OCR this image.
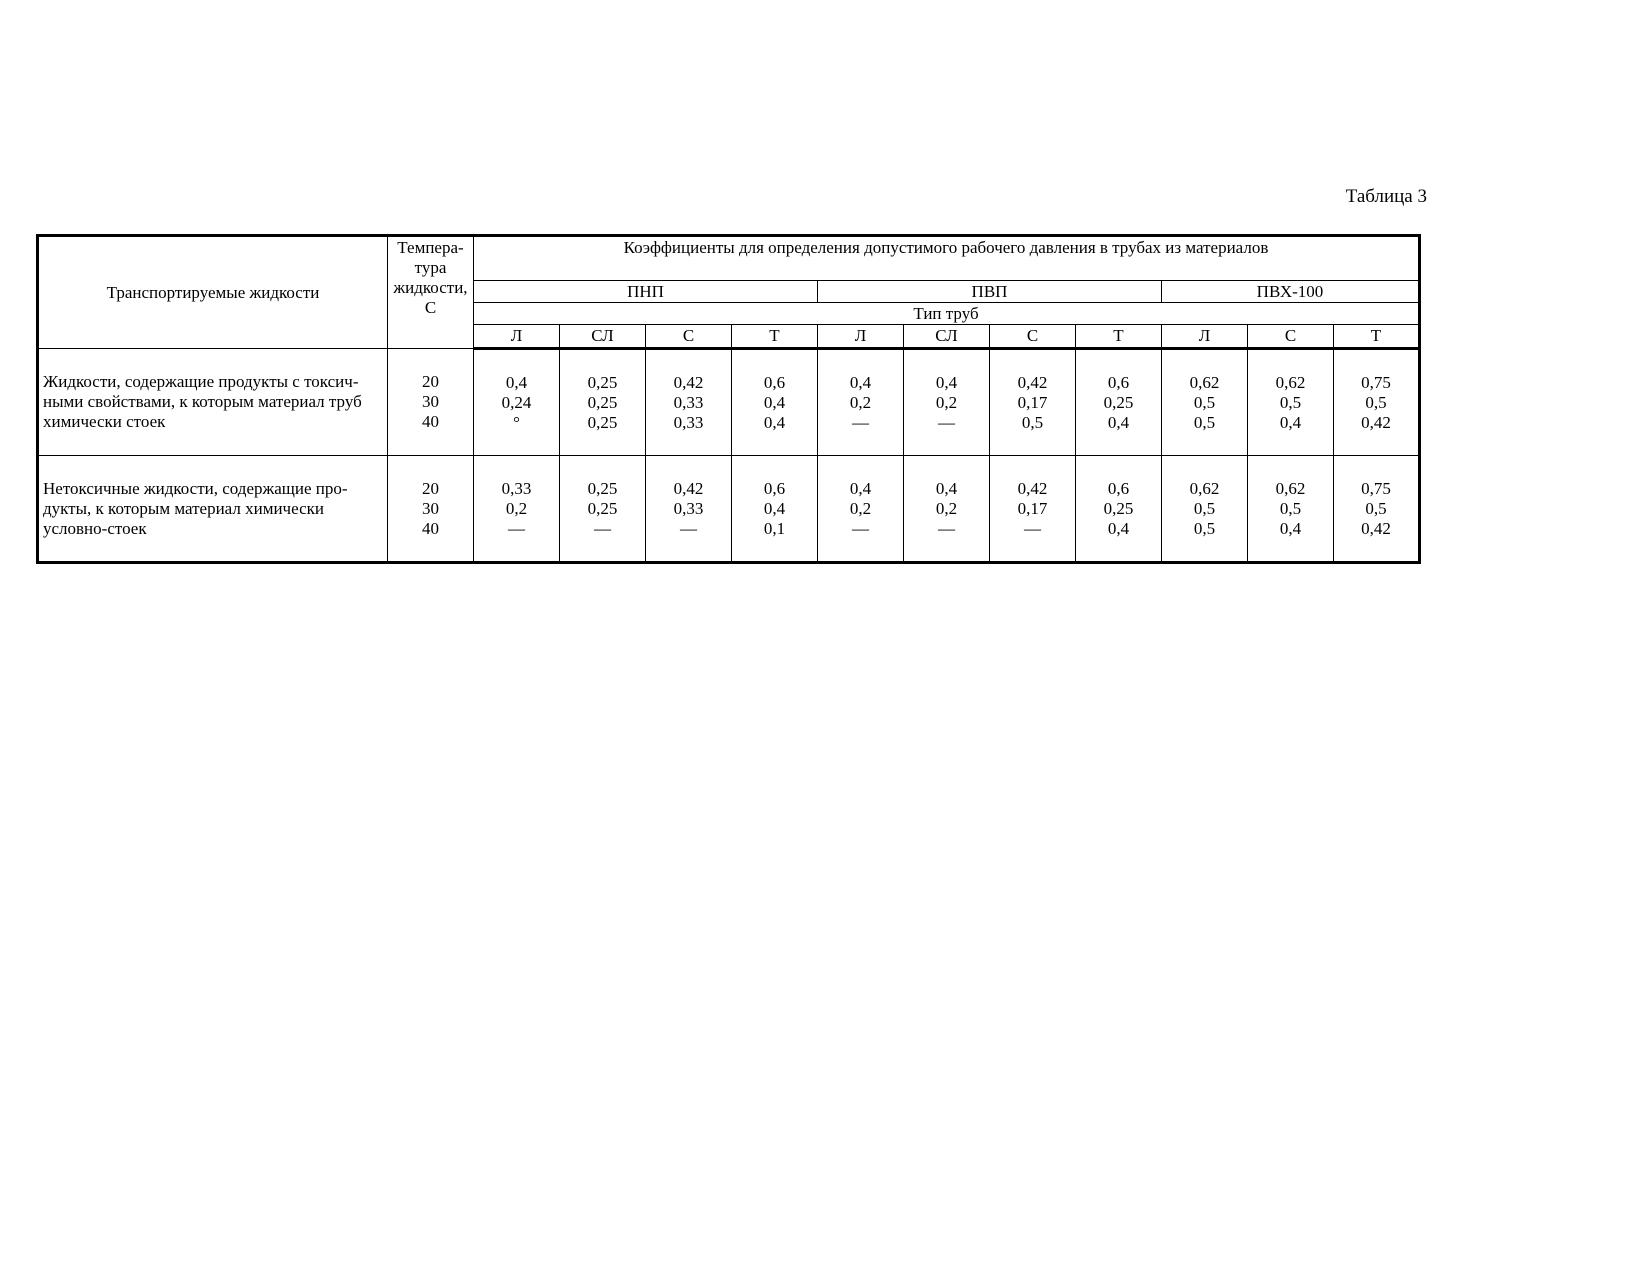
Таблица 3
Транспортируемые жидкости	Темпера-
тура
жидкости,
С	Коэффициенты для определения допустимого рабочего давления в трубах из материалов										
		ПНП				ПВП				ПВХ-100		
		Тип труб										
		Л	СЛ	С	Т	Л	СЛ	С	Т	Л	С	Т

Жидкости, содержащие продукты с токсич-
ными свойствами, к которым материал труб
химически стоек	20
30
40	0,4
0,24
°	0,25
0,25
0,25	0,42
0,33
0,33	0,6
0,4
0,4	0,4
0,2
—	0,4
0,2
—	0,42
0,17
0,5	0,6
0,25
0,4	0,62
0,5
0,5	0,62
0,5
0,4	0,75
0,5
0,42

Нетоксичные жидкости, содержащие про-
дукты, к которым материал химически
условно-стоек	20
30
40	0,33
0,2
—	0,25
0,25
—	0,42
0,33
—	0,6
0,4
0,1	0,4
0,2
—	0,4
0,2
—	0,42
0,17
—	0,6
0,25
0,4	0,62
0,5
0,5	0,62
0,5
0,4	0,75
0,5
0,42
